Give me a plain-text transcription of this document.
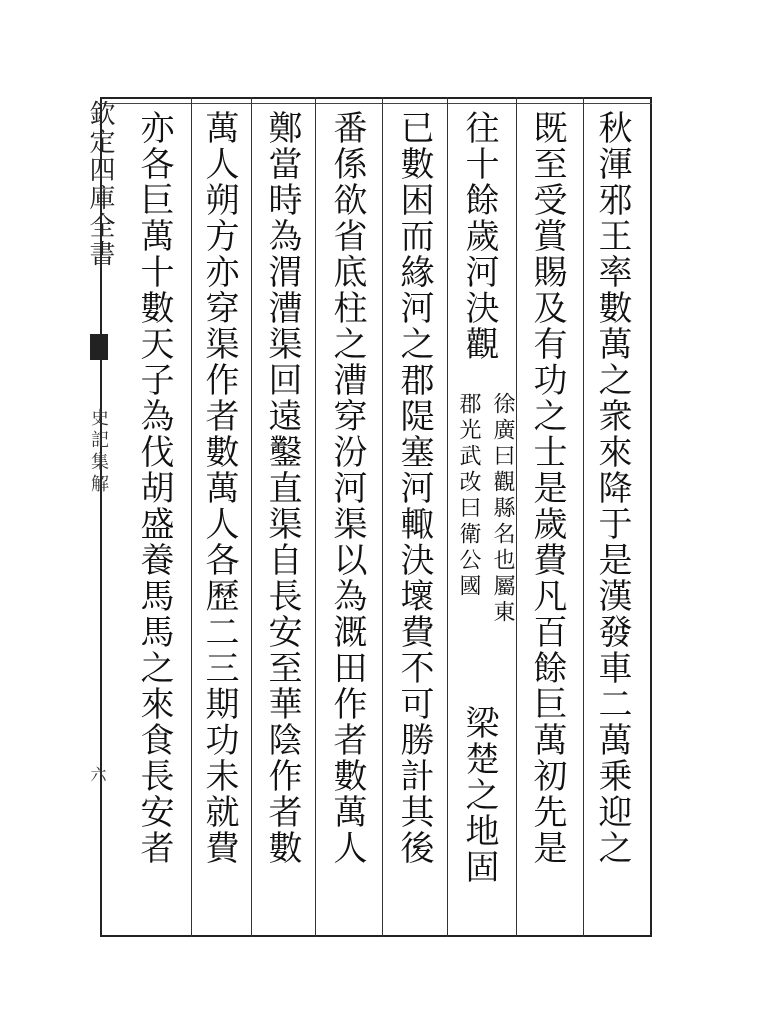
欽定四庫全書
史記集解
六	秋渾邪王率數萬之衆來降于是漢發車二萬乗迎之
既至受賞賜及有功之士是歲費凡百餘巨萬初先是
往十餘歲河決觀
徐廣曰觀縣名也屬東
郡光武改曰衛公國
梁楚之地固
已數困而緣河之郡隄塞河輙決壞費不可勝計其後
番係欲省底柱之漕穿汾河渠以為溉田作者數萬人
鄭當時為渭漕渠回遠鑿直渠自長安至華陰作者數
萬人朔方亦穿渠作者數萬人各歷二三期功未就費
亦各巨萬十數天子為伐胡盛養馬馬之來食長安者
